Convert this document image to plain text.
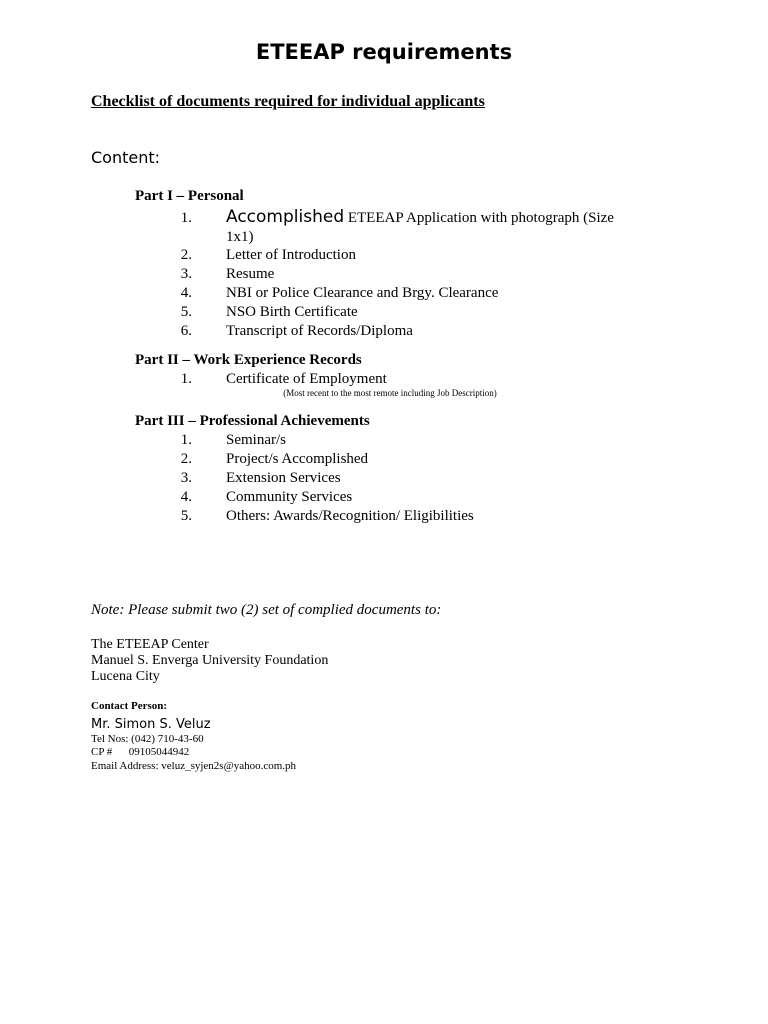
ETEEAP requirements
Checklist of documents required for individual applicants
Content:
Part I – Personal
1. Accomplished ETEEAP Application with photograph (Size
1x1)
2. Letter of Introduction
3. Resume
4. NBI or Police Clearance and Brgy. Clearance
5. NSO Birth Certificate
6. Transcript of Records/Diploma
Part II – Work Experience Records
1. Certificate of Employment
(Most recent to the most remote including Job Description)
Part III – Professional Achievements
1. Seminar/s
2. Project/s Accomplished
3. Extension Services
4. Community Services
5. Others: Awards/Recognition/ Eligibilities
Note: Please submit two (2) set of complied documents to:
The ETEEAP Center
Manuel S. Enverga University Foundation
Lucena City
Contact Person:
Mr. Simon S. Veluz
Tel Nos: (042) 710-43-60
CP #      09105044942
Email Address: veluz_syjen2s@yahoo.com.ph
